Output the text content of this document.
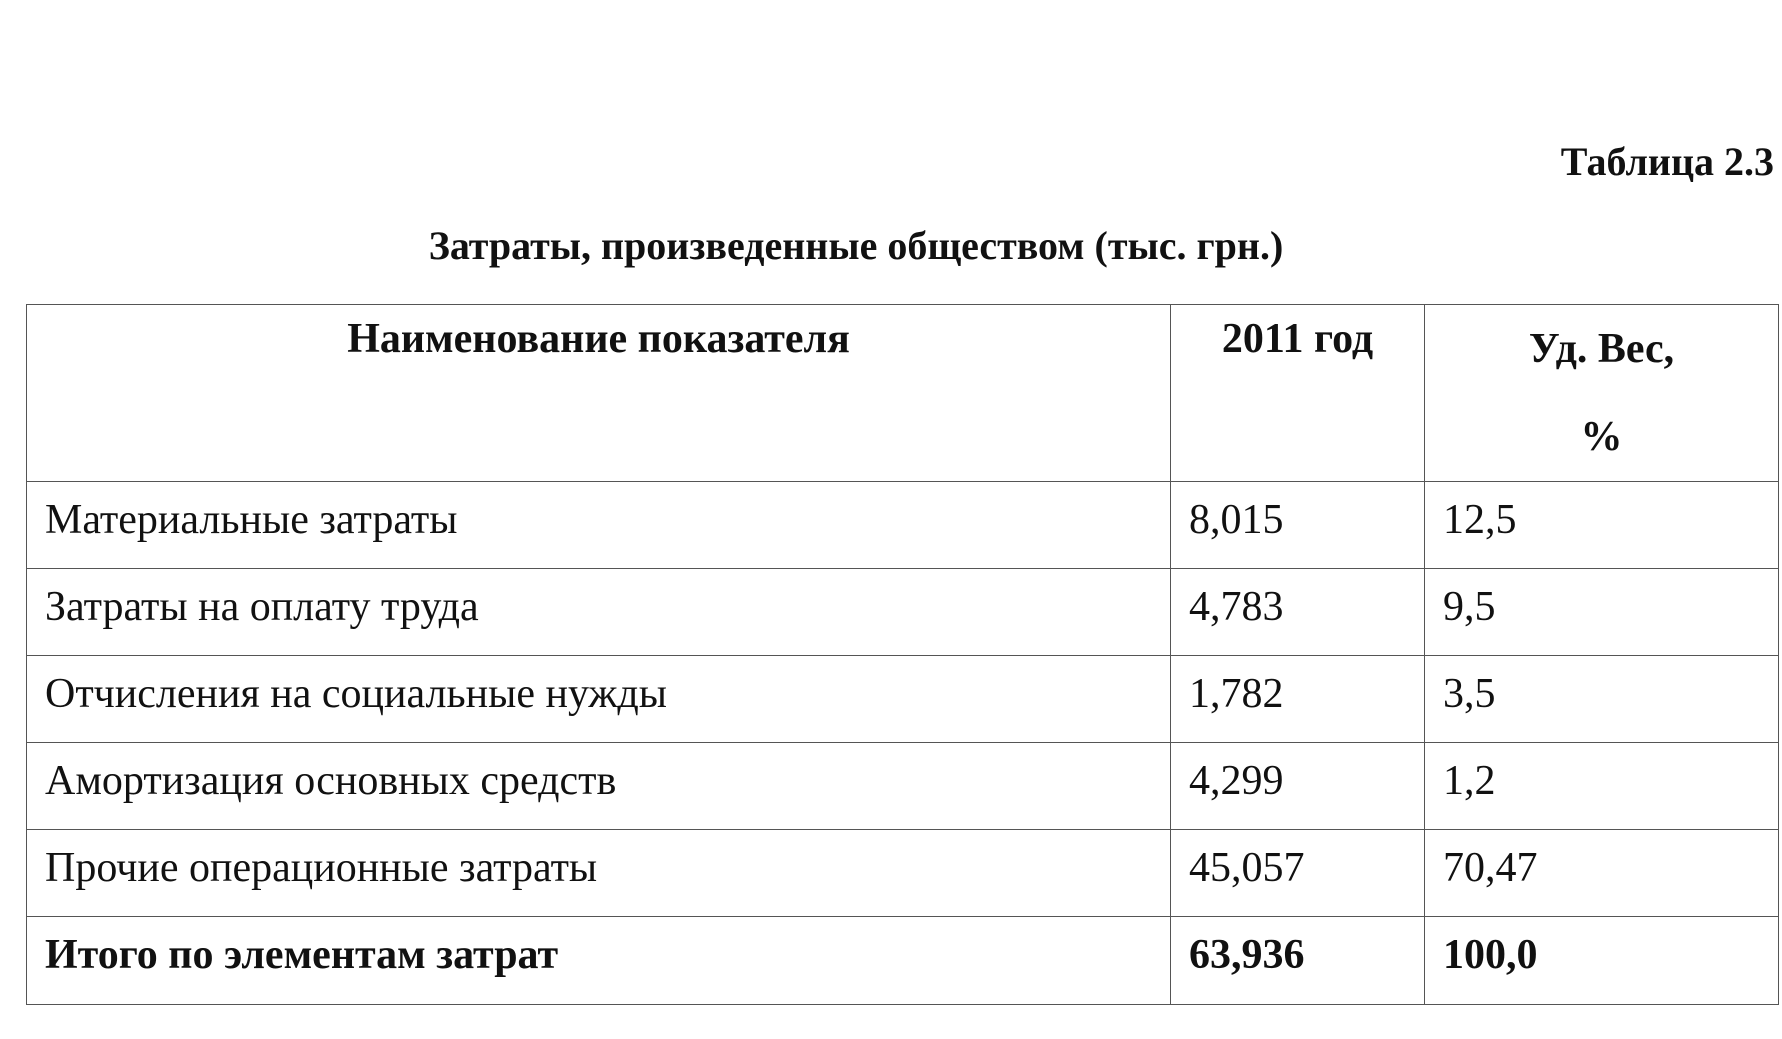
Таблица 2.3
Затраты, произведенные обществом (тыс. грн.)
Наименование показателя	2011 год	Уд. Вес,
%

Материальные затраты	8,015	12,5
Затраты на оплату труда	4,783	9,5
Отчисления на социальные нужды	1,782	3,5
Амортизация основных средств	4,299	1,2
Прочие операционные затраты	45,057	70,47
Итого по элементам затрат	63,936	100,0
